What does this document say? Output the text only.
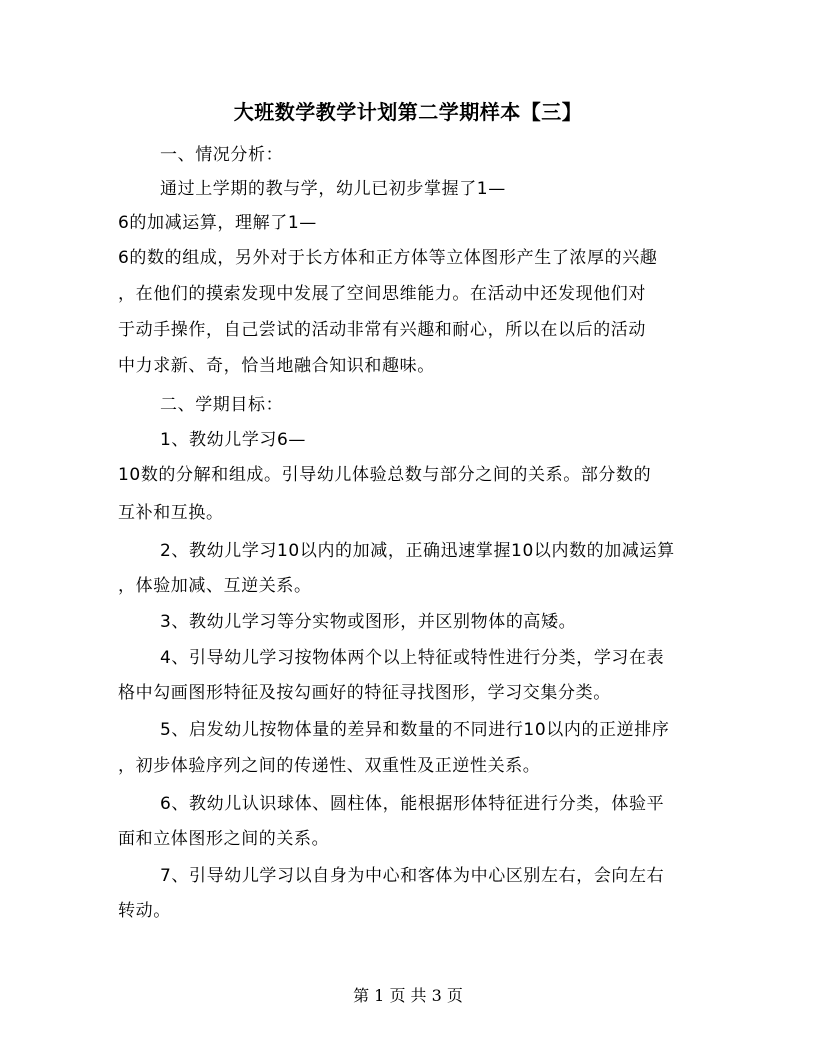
大班数学教学计划第二学期样本【三】
一、情况分析：
通过上学期的教与学，幼儿已初步掌握了1—
6的加减运算，理解了1—
6的数的组成，另外对于长方体和正方体等立体图形产生了浓厚的兴趣
，在他们的摸索发现中发展了空间思维能力。在活动中还发现他们对
于动手操作，自己尝试的活动非常有兴趣和耐心，所以在以后的活动
中力求新、奇，恰当地融合知识和趣味。
二、学期目标：
1、教幼儿学习6—
10数的分解和组成。引导幼儿体验总数与部分之间的关系。部分数的
互补和互换。
2、教幼儿学习10以内的加减，正确迅速掌握10以内数的加减运算
，体验加减、互逆关系。
3、教幼儿学习等分实物或图形，并区别物体的高矮。
4、引导幼儿学习按物体两个以上特征或特性进行分类，学习在表
格中勾画图形特征及按勾画好的特征寻找图形，学习交集分类。
5、启发幼儿按物体量的差异和数量的不同进行10以内的正逆排序
，初步体验序列之间的传递性、双重性及正逆性关系。
6、教幼儿认识球体、圆柱体，能根据形体特征进行分类，体验平
面和立体图形之间的关系。
7、引导幼儿学习以自身为中心和客体为中心区别左右，会向左右
转动。
第 1 页 共 3 页
